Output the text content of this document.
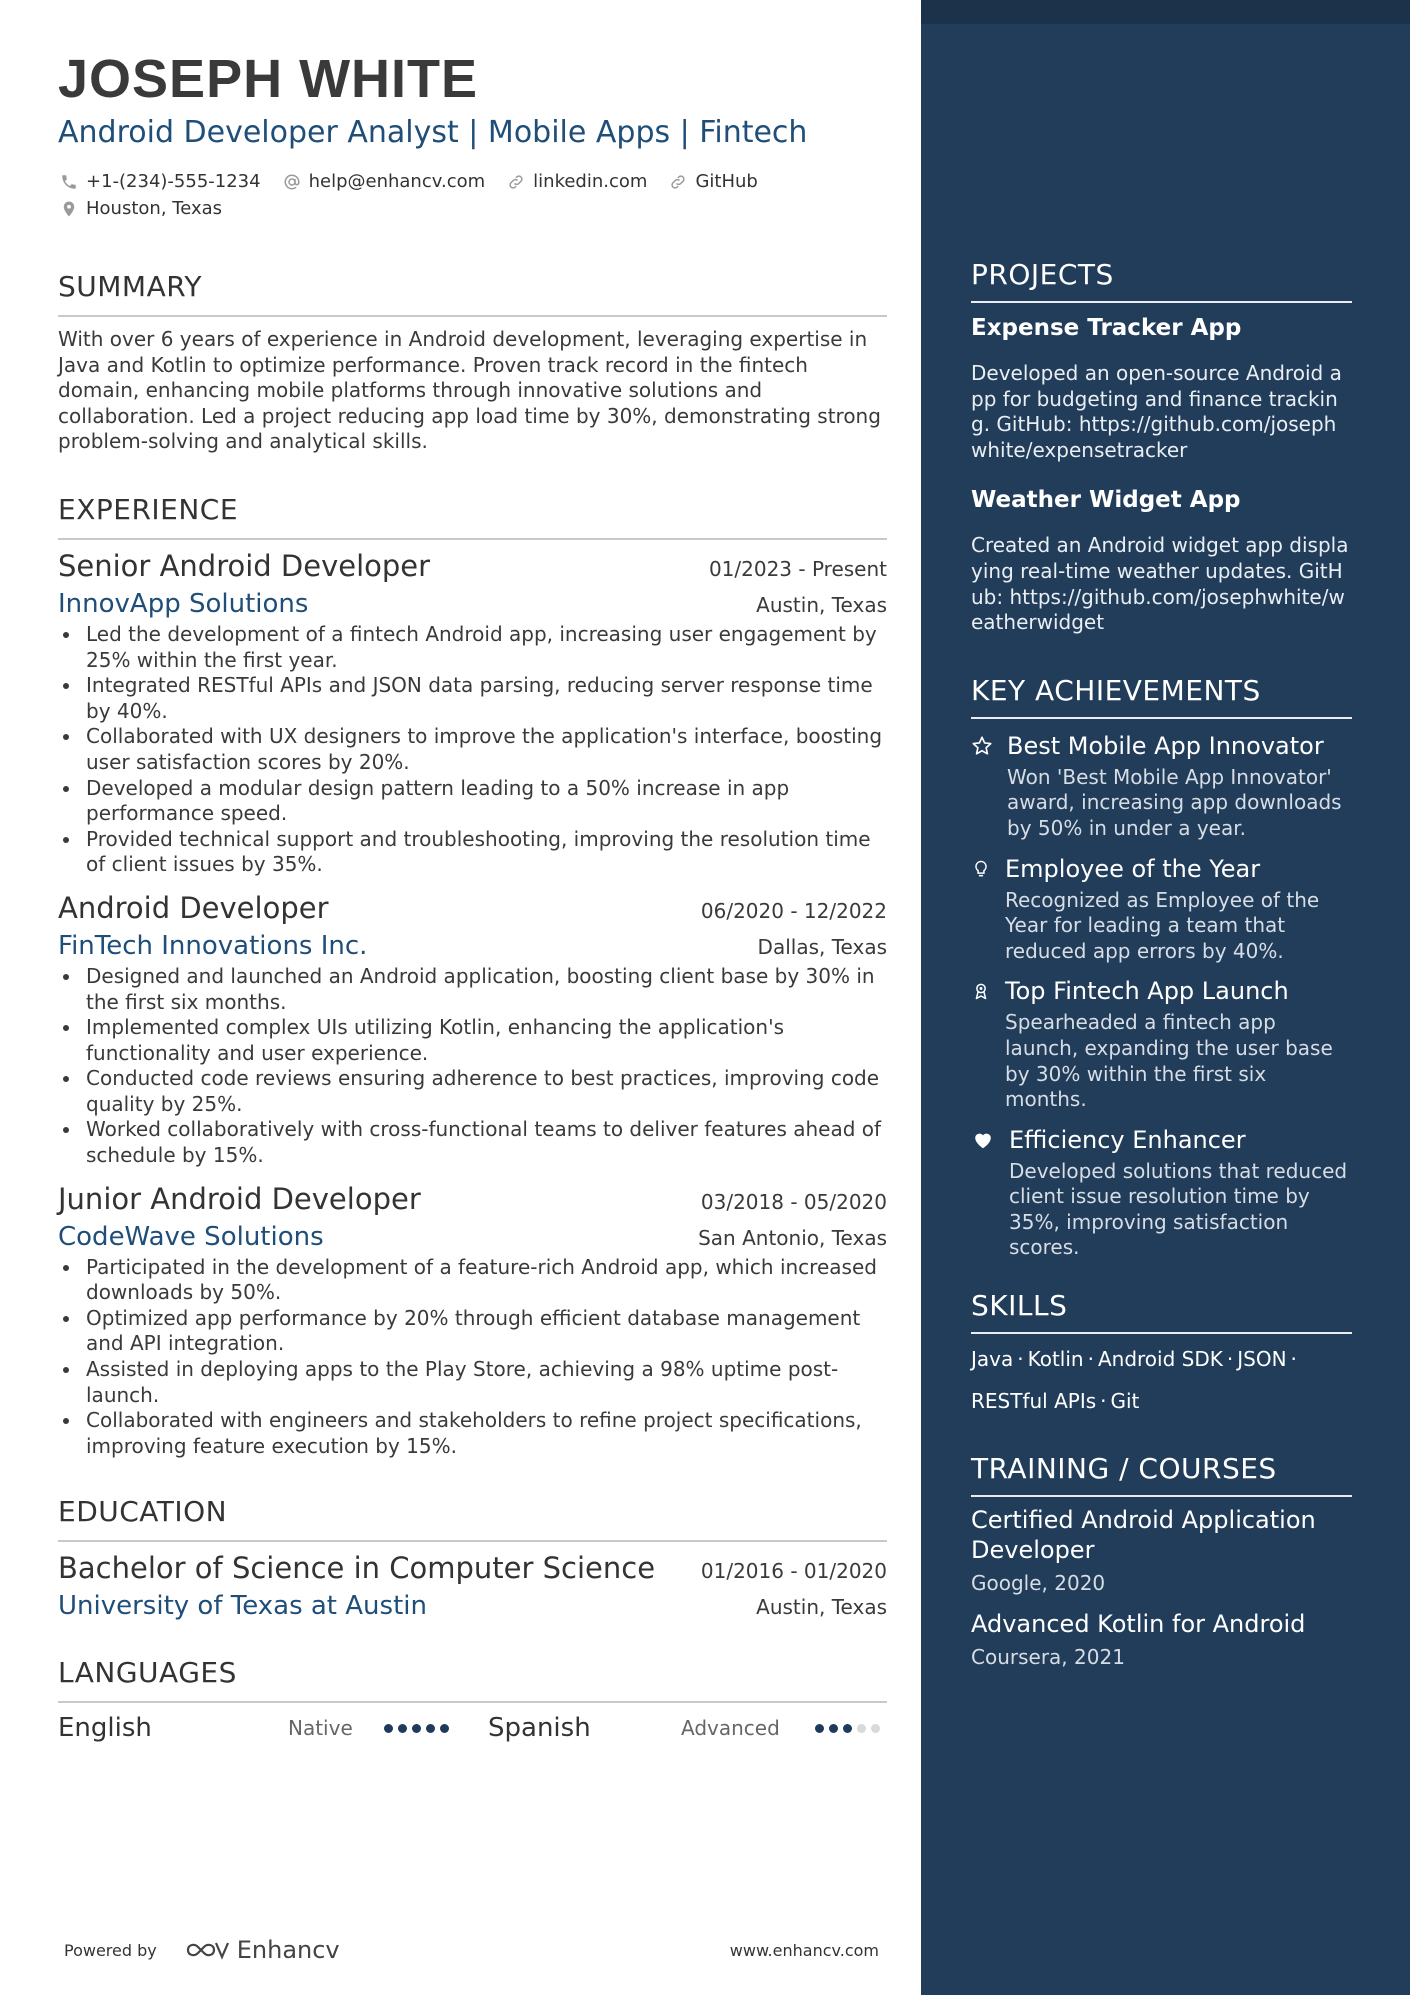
JOSEPH WHITE
Android Developer Analyst | Mobile Apps | Fintech
+1-(234)-555-1234	help@enhancv.com	linkedin.com	GitHub
Houston, Texas
SUMMARY
With over 6 years of experience in Android development, leveraging expertise in Java and Kotlin to optimize performance. Proven track record in the fintech domain, enhancing mobile platforms through innovative solutions and collaboration. Led a project reducing app load time by 30%, demonstrating strong problem-solving and analytical skills.
EXPERIENCE
Senior Android Developer	01/2023 - Present
InnovApp Solutions	Austin, Texas
Led the development of a fintech Android app, increasing user engagement by 25% within the first year.
Integrated RESTful APIs and JSON data parsing, reducing server response time by 40%.
Collaborated with UX designers to improve the application's interface, boosting user satisfaction scores by 20%.
Developed a modular design pattern leading to a 50% increase in app performance speed.
Provided technical support and troubleshooting, improving the resolution time of client issues by 35%.
Android Developer	06/2020 - 12/2022
FinTech Innovations Inc.	Dallas, Texas
Designed and launched an Android application, boosting client base by 30% in the first six months.
Implemented complex UIs utilizing Kotlin, enhancing the application's functionality and user experience.
Conducted code reviews ensuring adherence to best practices, improving code quality by 25%.
Worked collaboratively with cross-functional teams to deliver features ahead of schedule by 15%.
Junior Android Developer	03/2018 - 05/2020
CodeWave Solutions	San Antonio, Texas
Participated in the development of a feature-rich Android app, which increased downloads by 50%.
Optimized app performance by 20% through efficient database management and API integration.
Assisted in deploying apps to the Play Store, achieving a 98% uptime post-launch.
Collaborated with engineers and stakeholders to refine project specifications, improving feature execution by 15%.
EDUCATION
Bachelor of Science in Computer Science 01/2016 - 01/2020
University of Texas at Austin	Austin, Texas
LANGUAGES
English	Native	Spanish	Advanced
Powered by	Enhancv	www.enhancv.com
PROJECTS
Expense Tracker App
Developed an open-source Android app for budgeting and finance tracking. GitHub: https://github.com/josephwhite/expensetracker
Weather Widget App
Created an Android widget app displaying real-time weather updates. GitHub: https://github.com/josephwhite/weatherwidget
KEY ACHIEVEMENTS
Best Mobile App Innovator
Won 'Best Mobile App Innovator' award, increasing app downloads by 50% in under a year.
Employee of the Year
Recognized as Employee of the Year for leading a team that reduced app errors by 40%.
Top Fintech App Launch
Spearheaded a fintech app launch, expanding the user base by 30% within the first six months.
Efficiency Enhancer
Developed solutions that reduced client issue resolution time by 35%, improving satisfaction scores.
SKILLS
Java · Kotlin · Android SDK · JSON ·
RESTful APIs · Git
TRAINING / COURSES
Certified Android Application Developer
Google, 2020
Advanced Kotlin for Android
Coursera, 2021
